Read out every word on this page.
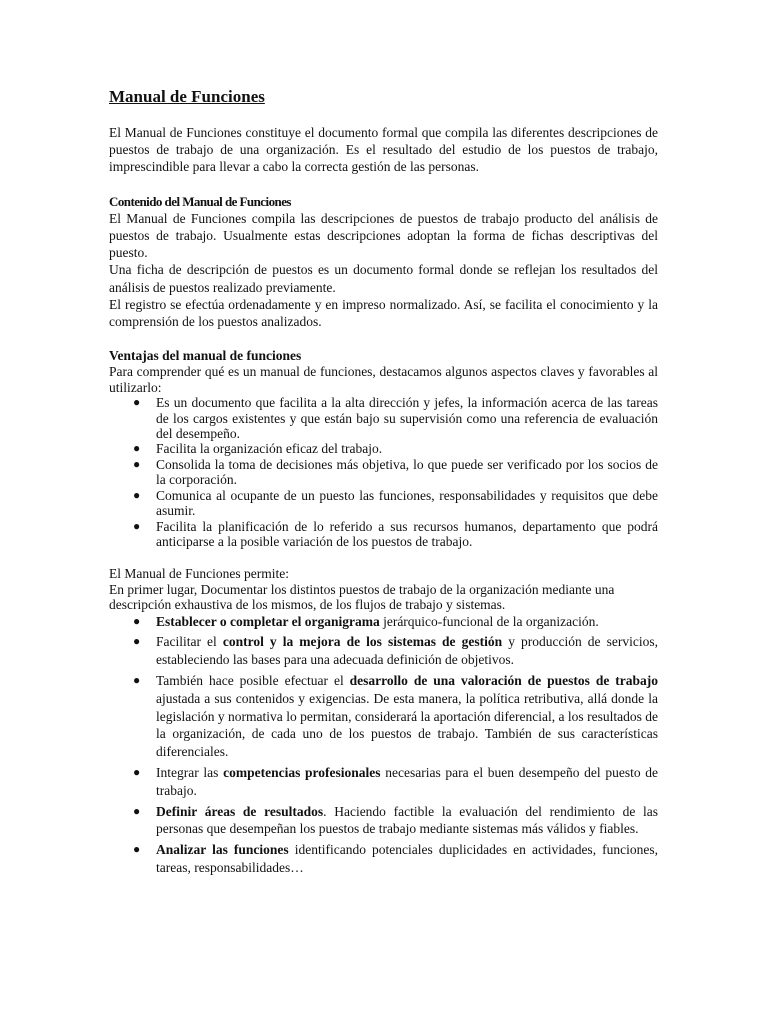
Manual de Funciones

El Manual de Funciones constituye el documento formal que compila las diferentes descripciones de puestos de trabajo de una organización. Es el resultado del estudio de los puestos de trabajo, imprescindible para llevar a cabo la correcta gestión de las personas.

Contenido del Manual de Funciones

El Manual de Funciones compila las descripciones de puestos de trabajo producto del análisis de puestos de trabajo. Usualmente estas descripciones adoptan la forma de fichas descriptivas del puesto.

Una ficha de descripción de puestos es un documento formal donde se reflejan los resultados del análisis de puestos realizado previamente.

El registro se efectúa ordenadamente y en impreso normalizado. Así, se facilita el conocimiento y la comprensión de los puestos analizados.

Ventajas del manual de funciones

Para comprender qué es un manual de funciones, destacamos algunos aspectos claves y favorables al utilizarlo:

● Es un documento que facilita a la alta dirección y jefes, la información acerca de las tareas de los cargos existentes y que están bajo su supervisión como una referencia de evaluación del desempeño.
● Facilita la organización eficaz del trabajo.
● Consolida la toma de decisiones más objetiva, lo que puede ser verificado por los socios de la corporación.
● Comunica al ocupante de un puesto las funciones, responsabilidades y requisitos que debe asumir.
● Facilita la planificación de lo referido a sus recursos humanos, departamento que podrá anticiparse a la posible variación de los puestos de trabajo.

El Manual de Funciones permite:

En primer lugar, Documentar los distintos puestos de trabajo de la organización mediante una descripción exhaustiva de los mismos, de los flujos de trabajo y sistemas.

● Establecer o completar el organigrama jerárquico-funcional de la organización.
● Facilitar el control y la mejora de los sistemas de gestión y producción de servicios, estableciendo las bases para una adecuada definición de objetivos.
● También hace posible efectuar el desarrollo de una valoración de puestos de trabajo ajustada a sus contenidos y exigencias. De esta manera, la política retributiva, allá donde la legislación y normativa lo permitan, considerará la aportación diferencial, a los resultados de la organización, de cada uno de los puestos de trabajo. También de sus características diferenciales.
● Integrar las competencias profesionales necesarias para el buen desempeño del puesto de trabajo.
● Definir áreas de resultados. Haciendo factible la evaluación del rendimiento de las personas que desempeñan los puestos de trabajo mediante sistemas más válidos y fiables.
● Analizar las funciones identificando potenciales duplicidades en actividades, funciones, tareas, responsabilidades…
